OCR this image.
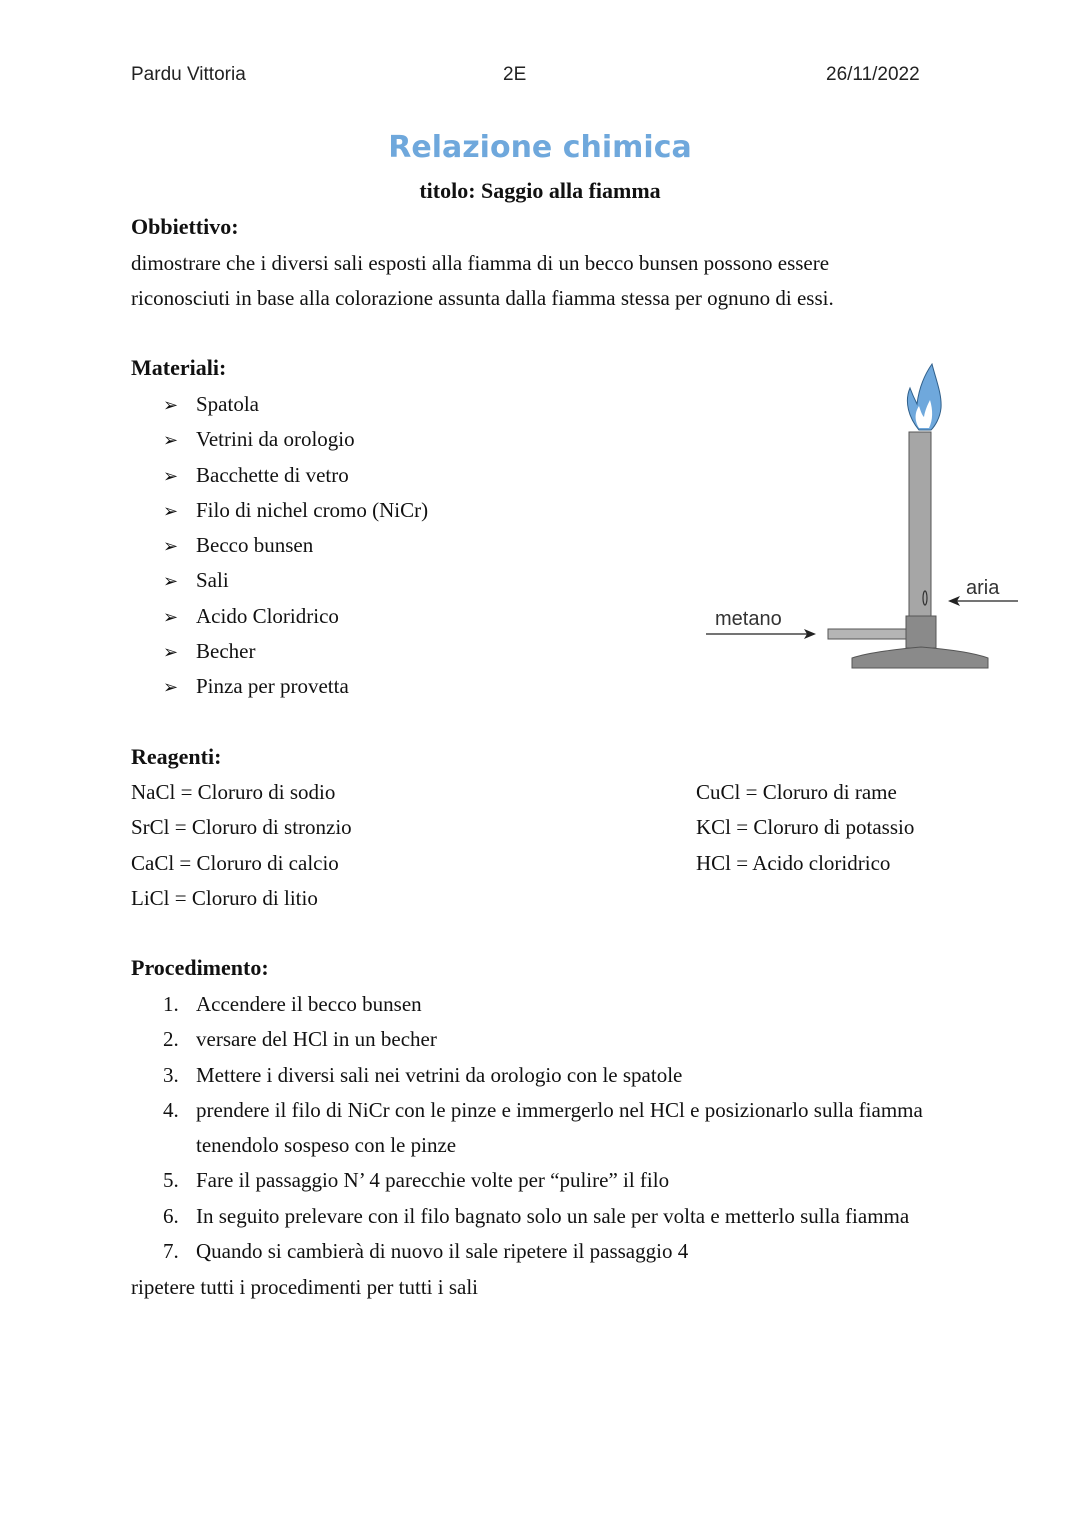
Pardu Vittoria	2E	26/11/2022
Relazione chimica
titolo: Saggio alla fiamma
Obbiettivo:
dimostrare che i diversi sali esposti alla fiamma di un becco bunsen possono essere
riconosciuti in base alla colorazione assunta dalla fiamma stessa per ognuno di essi.
Materiali:
➢ Spatola
➢ Vetrini da orologio
➢ Bacchette di vetro
➢ Filo di nichel cromo (NiCr)
➢ Becco bunsen
➢ Sali
➢ Acido Cloridrico
➢ Becher
➢ Pinza per provetta
metano
aria
Reagenti:
NaCl = Cloruro di sodio
SrCl = Cloruro di stronzio
CaCl = Cloruro di calcio
LiCl = Cloruro di litio
CuCl = Cloruro di rame
KCl = Cloruro di potassio
HCl = Acido cloridrico
Procedimento:
1. Accendere il becco bunsen
2. versare del HCl in un becher
3. Mettere i diversi sali nei vetrini da orologio con le spatole
4. prendere il filo di NiCr con le pinze e immergerlo nel HCl e posizionarlo sulla fiamma tenendolo sospeso con le pinze
5. Fare il passaggio N’ 4 parecchie volte per “pulire” il filo
6. In seguito prelevare con il filo bagnato solo un sale per volta e metterlo sulla fiamma
7. Quando si cambierà di nuovo il sale ripetere il passaggio 4
ripetere tutti i procedimenti per tutti i sali
